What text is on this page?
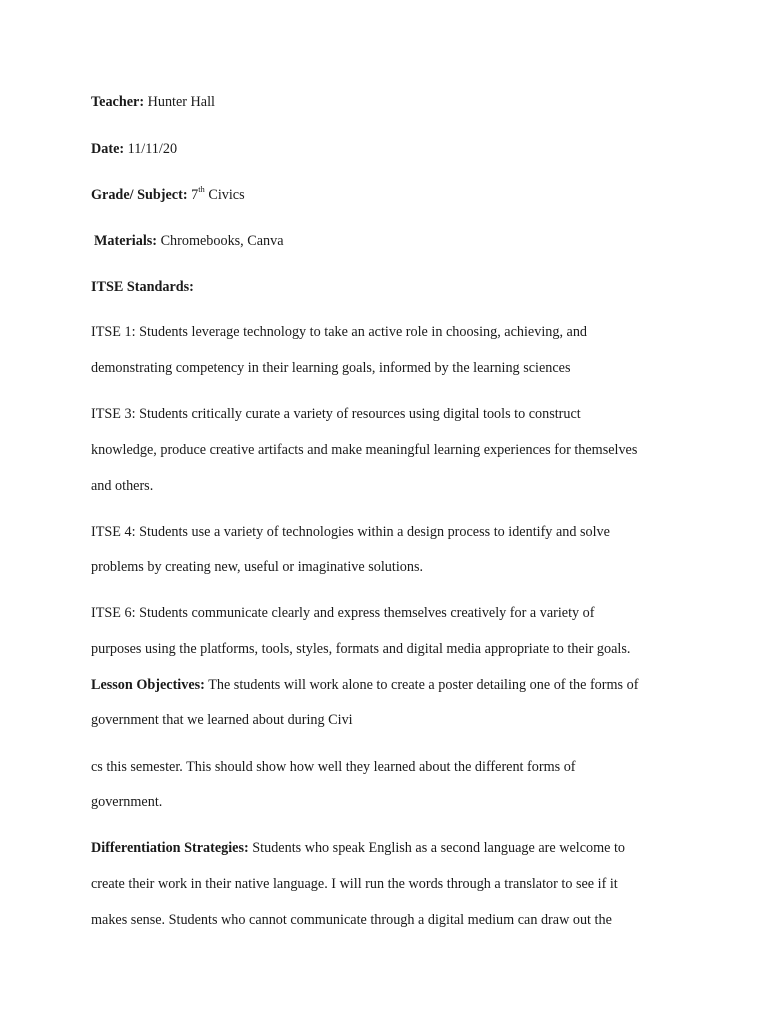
Teacher: Hunter Hall
Date: 11/11/20
Grade/ Subject: 7th Civics
Materials: Chromebooks, Canva
ITSE Standards:
ITSE 1: Students leverage technology to take an active role in choosing, achieving, and
demonstrating competency in their learning goals, informed by the learning sciences
ITSE 3: Students critically curate a variety of resources using digital tools to construct
knowledge, produce creative artifacts and make meaningful learning experiences for themselves
and others.
ITSE 4: Students use a variety of technologies within a design process to identify and solve
problems by creating new, useful or imaginative solutions.
ITSE 6: Students communicate clearly and express themselves creatively for a variety of
purposes using the platforms, tools, styles, formats and digital media appropriate to their goals.
Lesson Objectives: The students will work alone to create a poster detailing one of the forms of
government that we learned about during Civi
cs this semester. This should show how well they learned about the different forms of
government.
Differentiation Strategies: Students who speak English as a second language are welcome to
create their work in their native language. I will run the words through a translator to see if it
makes sense. Students who cannot communicate through a digital medium can draw out the
